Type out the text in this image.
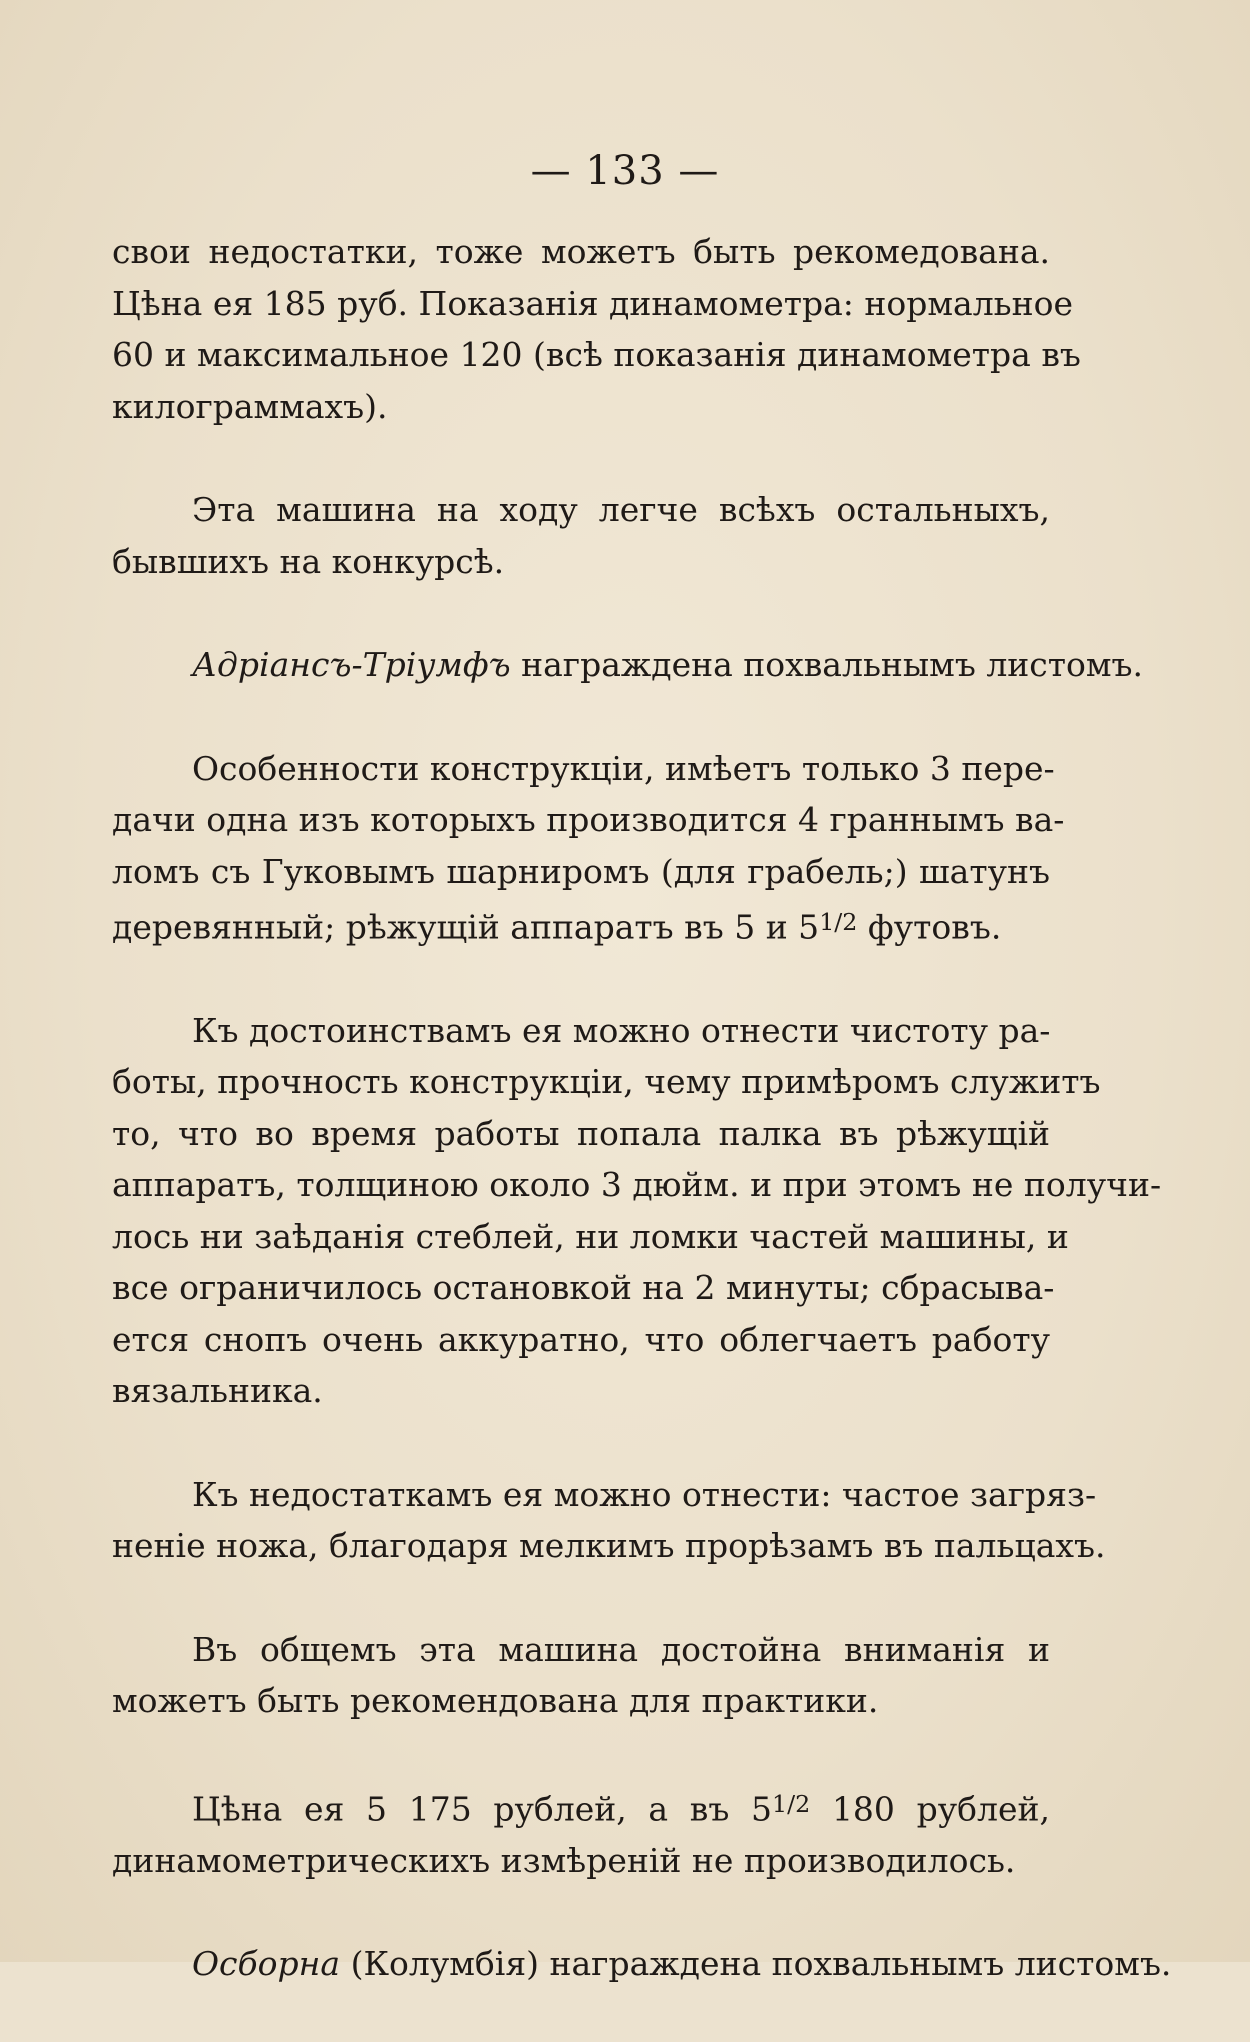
— 133 —

свои недостатки, тоже можетъ быть рекомедована.
Цѣна ея 185 руб. Показанія динамометра: нормальное
60 и максимальное 120 (всѣ показанія динамометра въ
килограммахъ).

Эта машина на ходу легче всѣхъ остальныхъ,
бывшихъ на конкурсѣ.

Адріансъ-Тріумфъ награждена похвальнымъ листомъ.

Особенности конструкціи, имѣетъ только 3 пере-
дачи одна изъ которыхъ производится 4 граннымъ ва-
ломъ съ Гуковымъ шарниромъ (для грабель;) шатунъ
деревянный; рѣжущій аппаратъ въ 5 и $5^{1/2}$ футовъ.

Къ достоинствамъ ея можно отнести чистоту ра-
боты, прочность конструкціи, чему примѣромъ служитъ
то, что во время работы попала палка въ рѣжущій
аппаратъ, толщиною около 3 дюйм. и при этомъ не получи-
лось ни заѣданія стеблей, ни ломки частей машины, и
все ограничилось остановкой на 2 минуты; сбрасыва-
ется снопъ очень аккуратно, что облегчаетъ работу
вязальника.

Къ недостаткамъ ея можно отнести: частое загряз-
неніе ножа, благодаря мелкимъ прорѣзамъ въ пальцахъ.

Въ общемъ эта машина достойна вниманія и
можетъ быть рекомендована для практики.

Цѣна ея 5 175 рублей, а въ $5^{1/2}$ 180 рублей,
динамометрическихъ измѣреній не производилось.

Осборна (Колумбія) награждена похвальнымъ листомъ.
